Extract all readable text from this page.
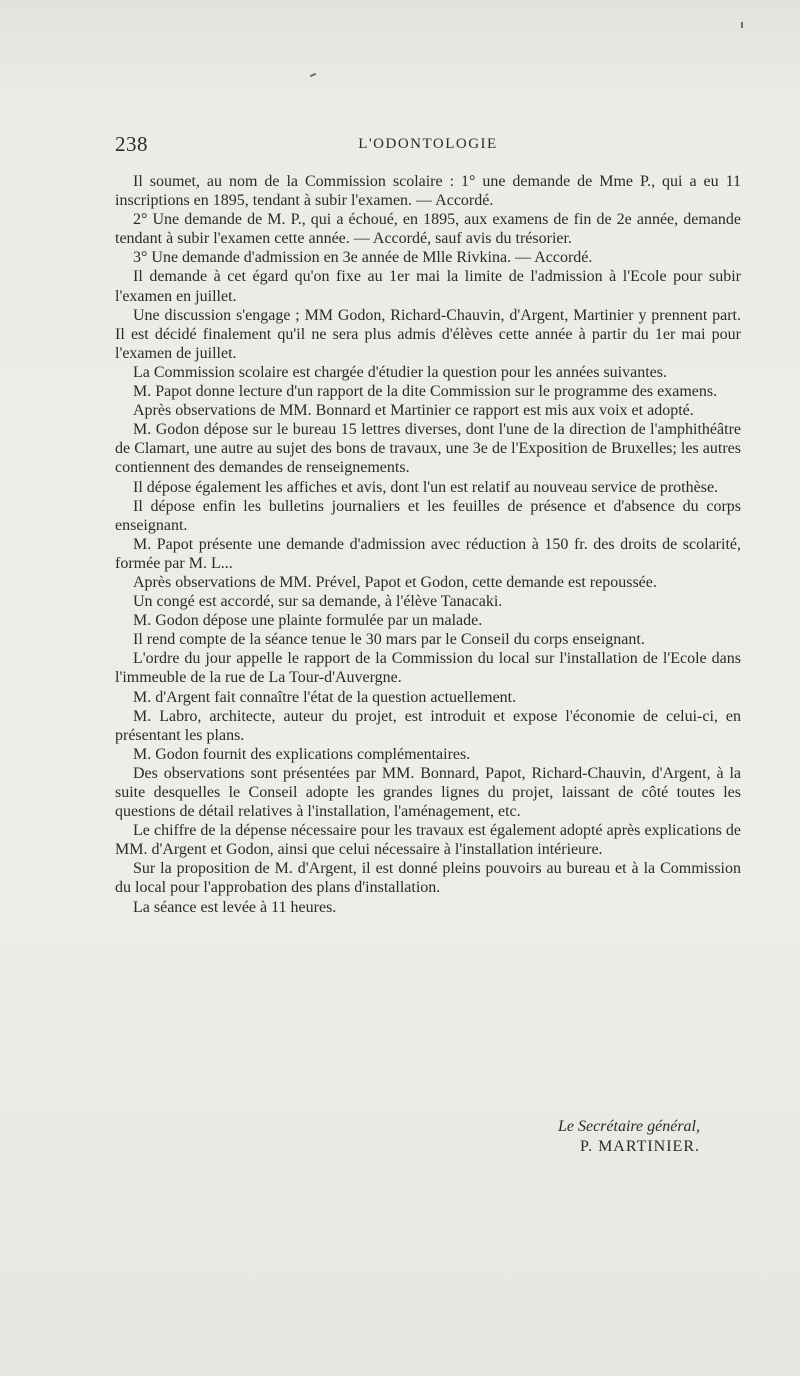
238	L'ODONTOLOGIE

Il soumet, au nom de la Commission scolaire : 1° une demande de Mme P., qui a eu 11 inscriptions en 1895, tendant à subir l'examen. — Accordé.

2° Une demande de M. P., qui a échoué, en 1895, aux examens de fin de 2e année, demande tendant à subir l'examen cette année. — Accordé, sauf avis du trésorier.

3° Une demande d'admission en 3e année de Mlle Rivkina. — Accordé.

Il demande à cet égard qu'on fixe au 1er mai la limite de l'admission à l'Ecole pour subir l'examen en juillet.

Une discussion s'engage ; MM Godon, Richard-Chauvin, d'Argent, Martinier y prennent part. Il est décidé finalement qu'il ne sera plus admis d'élèves cette année à partir du 1er mai pour l'examen de juillet.

La Commission scolaire est chargée d'étudier la question pour les années suivantes.

M. Papot donne lecture d'un rapport de la dite Commission sur le programme des examens.

Après observations de MM. Bonnard et Martinier ce rapport est mis aux voix et adopté.

M. Godon dépose sur le bureau 15 lettres diverses, dont l'une de la direction de l'amphithéâtre de Clamart, une autre au sujet des bons de travaux, une 3e de l'Exposition de Bruxelles; les autres contiennent des demandes de renseignements.

Il dépose également les affiches et avis, dont l'un est relatif au nouveau service de prothèse.

Il dépose enfin les bulletins journaliers et les feuilles de présence et d'absence du corps enseignant.

M. Papot présente une demande d'admission avec réduction à 150 fr. des droits de scolarité, formée par M. L...

Après observations de MM. Prével, Papot et Godon, cette demande est repoussée.

Un congé est accordé, sur sa demande, à l'élève Tanacaki.

M. Godon dépose une plainte formulée par un malade.

Il rend compte de la séance tenue le 30 mars par le Conseil du corps enseignant.

L'ordre du jour appelle le rapport de la Commission du local sur l'installation de l'Ecole dans l'immeuble de la rue de La Tour-d'Auvergne.

M. d'Argent fait connaître l'état de la question actuellement.

M. Labro, architecte, auteur du projet, est introduit et expose l'économie de celui-ci, en présentant les plans.

M. Godon fournit des explications complémentaires.

Des observations sont présentées par MM. Bonnard, Papot, Richard-Chauvin, d'Argent, à la suite desquelles le Conseil adopte les grandes lignes du projet, laissant de côté toutes les questions de détail relatives à l'installation, l'aménagement, etc.

Le chiffre de la dépense nécessaire pour les travaux est également adopté après explications de MM. d'Argent et Godon, ainsi que celui nécessaire à l'installation intérieure.

Sur la proposition de M. d'Argent, il est donné pleins pouvoirs au bureau et à la Commission du local pour l'approbation des plans d'installation.

La séance est levée à 11 heures.

Le Secrétaire général,
P. MARTINIER.
